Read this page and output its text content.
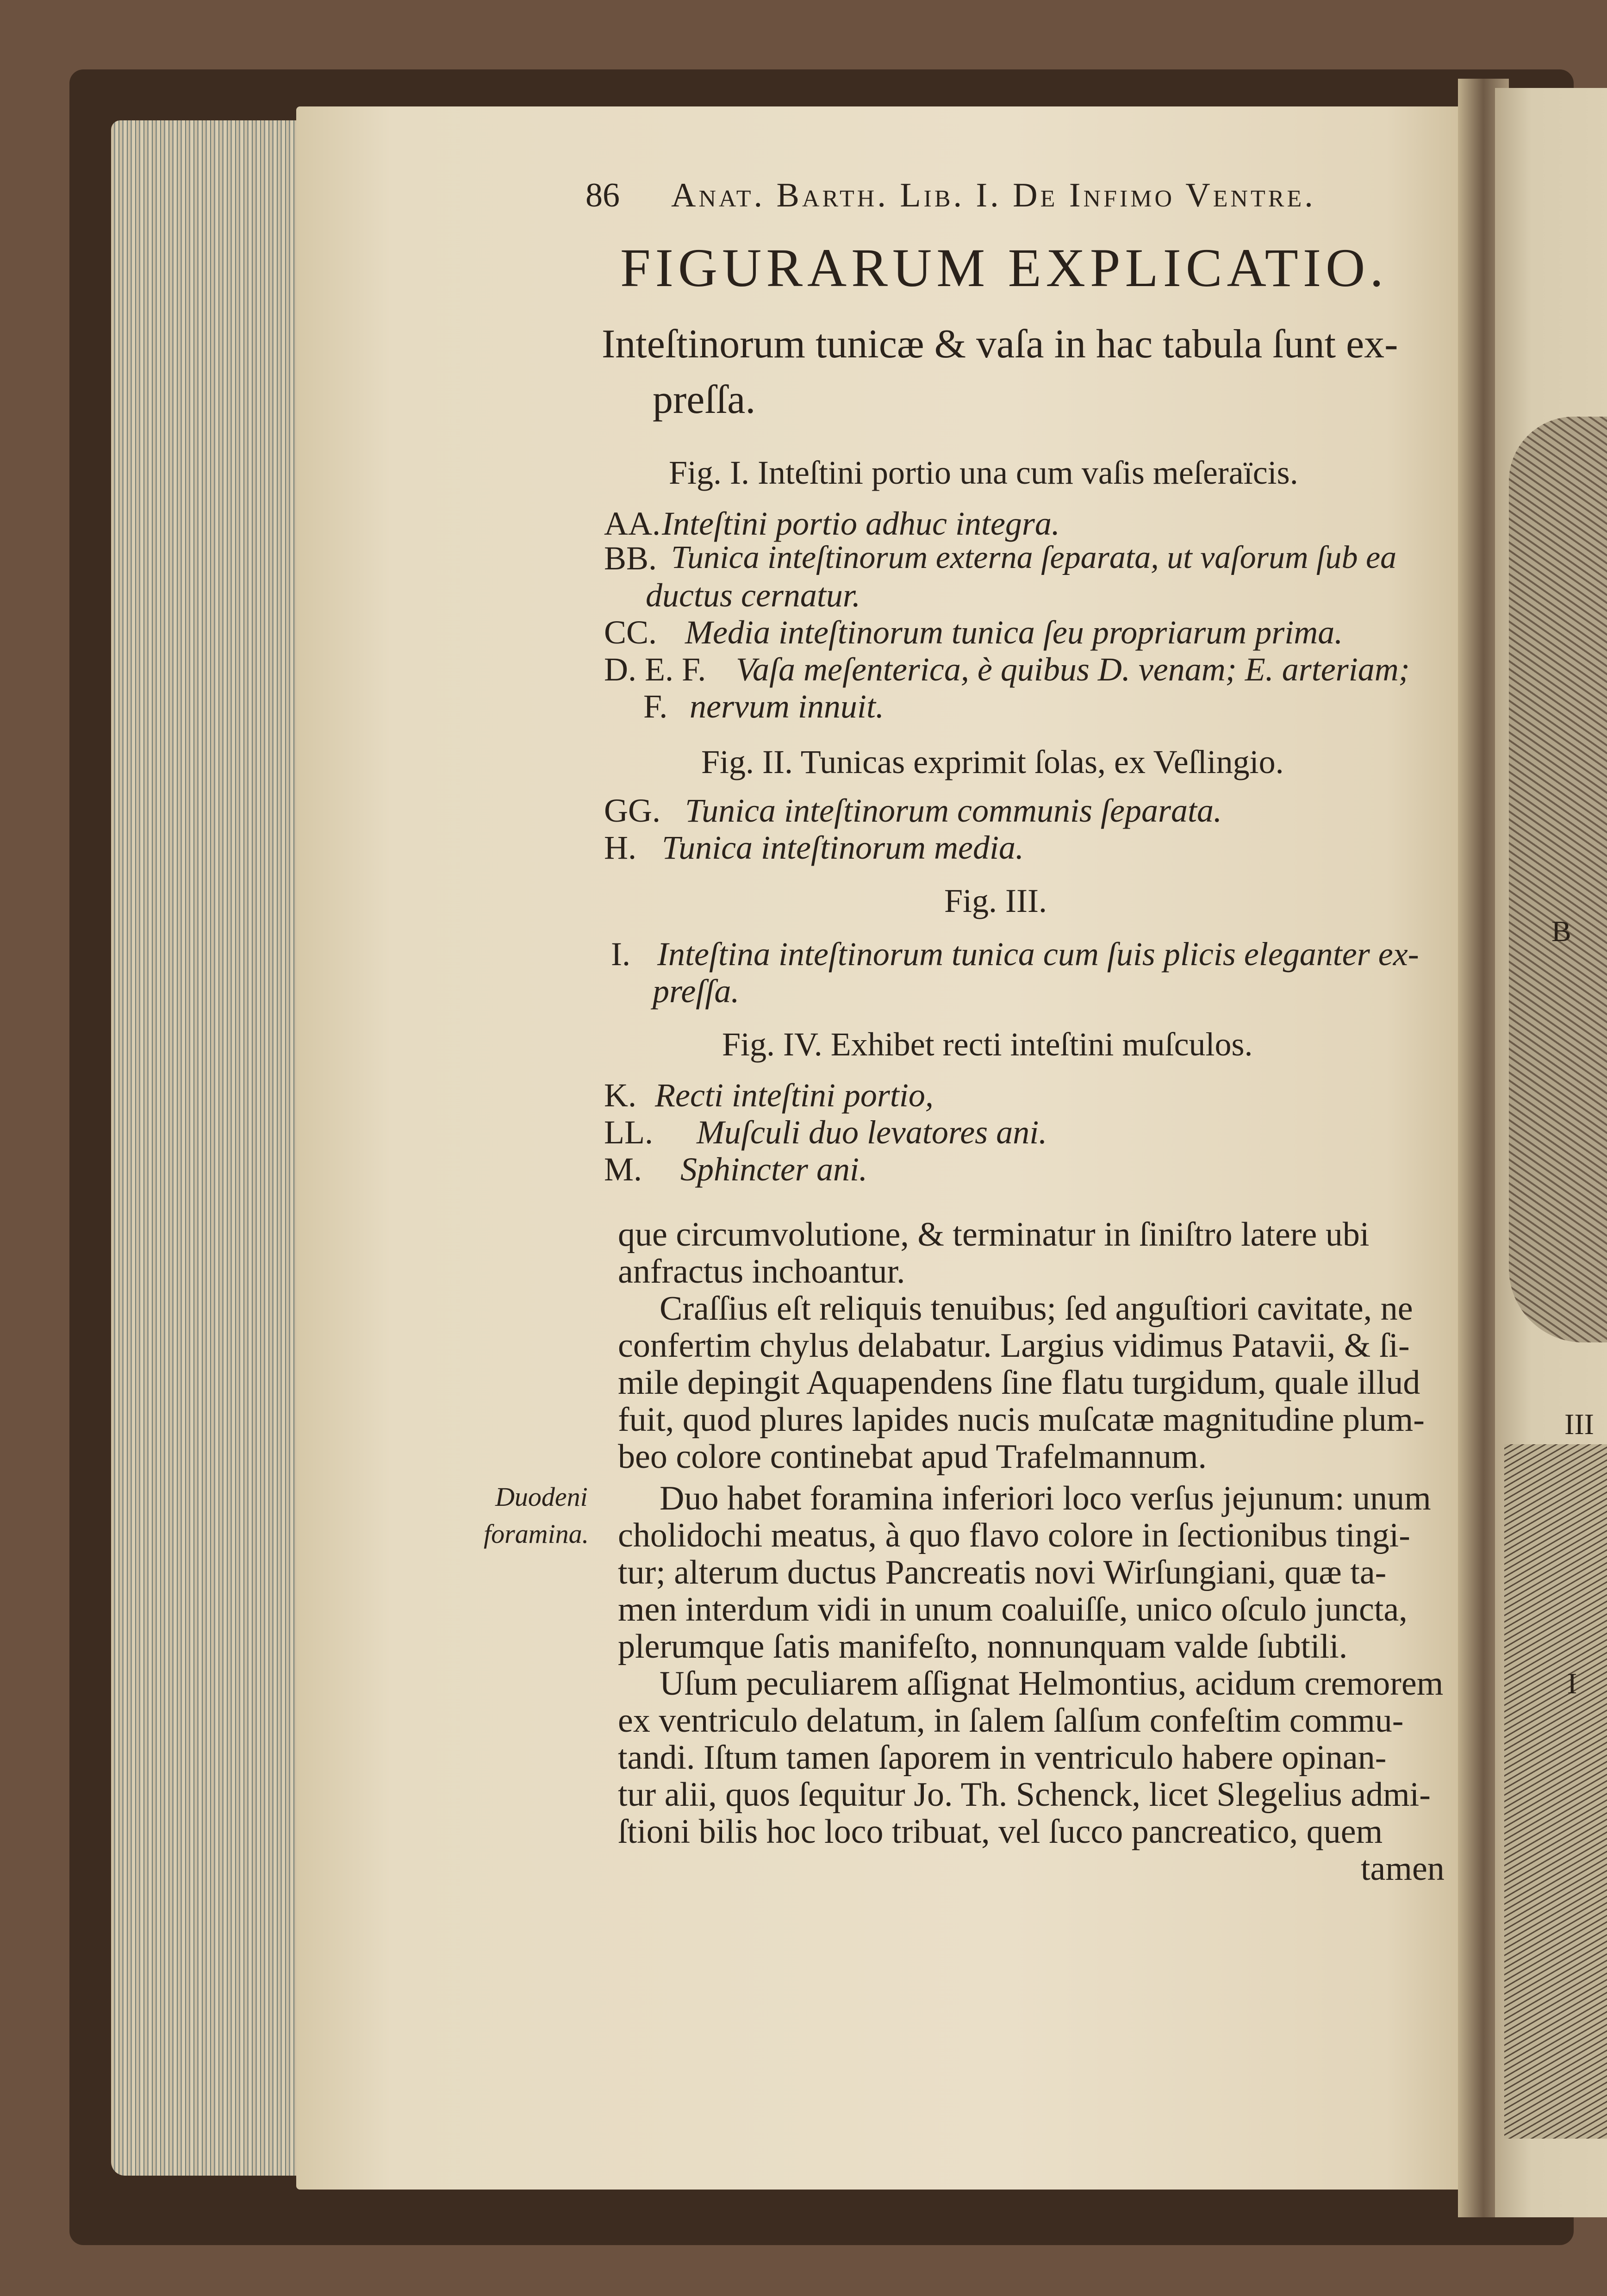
B
III
I
86 Anat. Barth. Lib. I. De Infimo Ventre.
FIGURARUM EXPLICATIO.
Inteſtinorum tunicæ & vaſa in hac tabula ſunt ex-
preſſa.
Fig. I. Inteſtini portio una cum vaſis meſeraïcis.
AA. Inteſtini portio adhuc integra.
BB. Tunica inteſtinorum externa ſeparata, ut vaſorum ſub ea
ductus cernatur.
CC. Media inteſtinorum tunica ſeu propriarum prima.
D. E. F. Vaſa meſenterica, è quibus D. venam; E. arteriam;
F. nervum innuit.
Fig. II. Tunicas exprimit ſolas, ex Veſlingio.
GG. Tunica inteſtinorum communis ſeparata.
H. Tunica inteſtinorum media.
Fig. III.
I. Inteſtina inteſtinorum tunica cum ſuis plicis eleganter ex-
preſſa.
Fig. IV. Exhibet recti inteſtini muſculos.
K. Recti inteſtini portio,
LL. Muſculi duo levatores ani.
M. Sphincter ani.
que circumvolutione, & terminatur in ſiniſtro latere ubi
anfractus inchoantur.
Craſſius eſt reliquis tenuibus; ſed anguſtiori cavitate, ne
confertim chylus delabatur. Largius vidimus Patavii, & ſi-
mile depingit Aquapendens ſine flatu turgidum, quale illud
fuit, quod plures lapides nucis muſcatæ magnitudine plum-
beo colore continebat apud Trafelmannum.
Duo habet foramina inferiori loco verſus jejunum: unum
cholidochi meatus, à quo flavo colore in ſectionibus tingi-
tur; alterum ductus Pancreatis novi Wirſungiani, quæ ta-
men interdum vidi in unum coaluiſſe, unico oſculo juncta,
plerumque ſatis manifeſto, nonnunquam valde ſubtili.
Uſum peculiarem aſſignat Helmontius, acidum cremorem
ex ventriculo delatum, in ſalem ſalſum confeſtim commu-
tandi. Iſtum tamen ſaporem in ventriculo habere opinan-
tur alii, quos ſequitur Jo. Th. Schenck, licet Slegelius admi-
ſtioni bilis hoc loco tribuat, vel ſucco pancreatico, quem
tamen
Duodeni
foramina.
